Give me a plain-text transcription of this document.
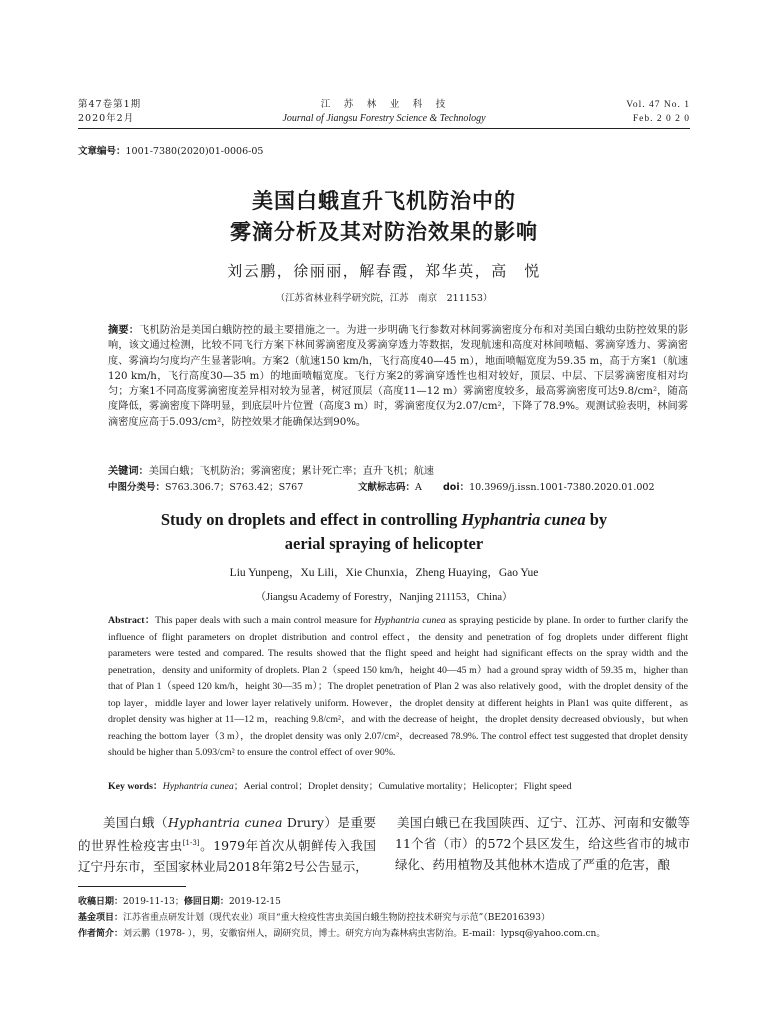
第47卷第1期
2020年2月
江　苏　林　业　科　技
Journal of Jiangsu Forestry Science & Technology
Vol. 47 No. 1
Feb. 2 0 2 0
文章编号：1001-7380(2020)01-0006-05
美国白蛾直升飞机防治中的
雾滴分析及其对防治效果的影响
刘云鹏，徐丽丽，解春霞，郑华英，高　悦
（江苏省林业科学研究院，江苏　南京　211153）
摘要：飞机防治是美国白蛾防控的最主要措施之一。为进一步明确飞行参数对林间雾滴密度分布和对美国白蛾幼虫防控效果的影响，该文通过检测，比较不同飞行方案下林间雾滴密度及雾滴穿透力等数据，发现航速和高度对林间喷幅、雾滴穿透力、雾滴密度、雾滴均匀度均产生显著影响。方案2（航速150 km/h，飞行高度40—45 m），地面喷幅宽度为59.35 m，高于方案1（航速120 km/h，飞行高度30—35 m）的地面喷幅宽度。飞行方案2的雾滴穿透性也相对较好，顶层、中层、下层雾滴密度相对均匀；方案1不同高度雾滴密度差异相对较为显著，树冠顶层（高度11—12 m）雾滴密度较多，最高雾滴密度可达9.8/cm²，随高度降低，雾滴密度下降明显，到底层叶片位置（高度3 m）时，雾滴密度仅为2.07/cm²，下降了78.9%。观测试验表明，林间雾滴密度应高于5.093/cm²，防控效果才能确保达到90%。
关键词：美国白蛾；飞机防治；雾滴密度；累计死亡率；直升飞机；航速
中图分类号：S763.306.7；S763.42；S767	文献标志码：A doi：10.3969/j.issn.1001-7380.2020.01.002
Study on droplets and effect in controlling Hyphantria cunea by
aerial spraying of helicopter
Liu Yunpeng，Xu Lili，Xie Chunxia，Zheng Huaying，Gao Yue
（Jiangsu Academy of Forestry，Nanjing 211153，China）
Abstract：This paper deals with such a main control measure for Hyphantria cunea as spraying pesticide by plane. In order to further clarify the influence of flight parameters on droplet distribution and control effect，the density and penetration of fog droplets under different flight parameters were tested and compared. The results showed that the flight speed and height had significant effects on the spray width and the penetration，density and uniformity of droplets. Plan 2（speed 150 km/h，height 40—45 m）had a ground spray width of 59.35 m，higher than that of Plan 1（speed 120 km/h，height 30—35 m）；The droplet penetration of Plan 2 was also relatively good，with the droplet density of the top layer，middle layer and lower layer relatively uniform. However，the droplet density at different heights in Plan1 was quite different，as droplet density was higher at 11—12 m，reaching 9.8/cm²，and with the decrease of height，the droplet density decreased obviously，but when reaching the bottom layer（3 m），the droplet density was only 2.07/cm²，decreased 78.9%. The control effect test suggested that droplet density should be higher than 5.093/cm² to ensure the control effect of over 90%.
Key words：Hyphantria cunea；Aerial control；Droplet density；Cumulative mortality；Helicopter；Flight speed
美国白蛾（Hyphantria cunea Drury）是重要的世界性检疫害虫[1-3]。1979年首次从朝鲜传入我国辽宁丹东市，至国家林业局2018年第2号公告显示，
美国白蛾已在我国陕西、辽宁、江苏、河南和安徽等11个省（市）的572个县区发生，给这些省市的城市绿化、药用植物及其他林木造成了严重的危害，酿
收稿日期：2019-11-13；修回日期：2019-12-15
基金项目：江苏省重点研发计划（现代农业）项目“重大检疫性害虫美国白蛾生物防控技术研究与示范”（BE2016393）
作者简介：刘云鹏（1978- ），男，安徽宿州人，副研究员，博士。研究方向为森林病虫害防治。E-mail：lypsq@yahoo.com.cn。
